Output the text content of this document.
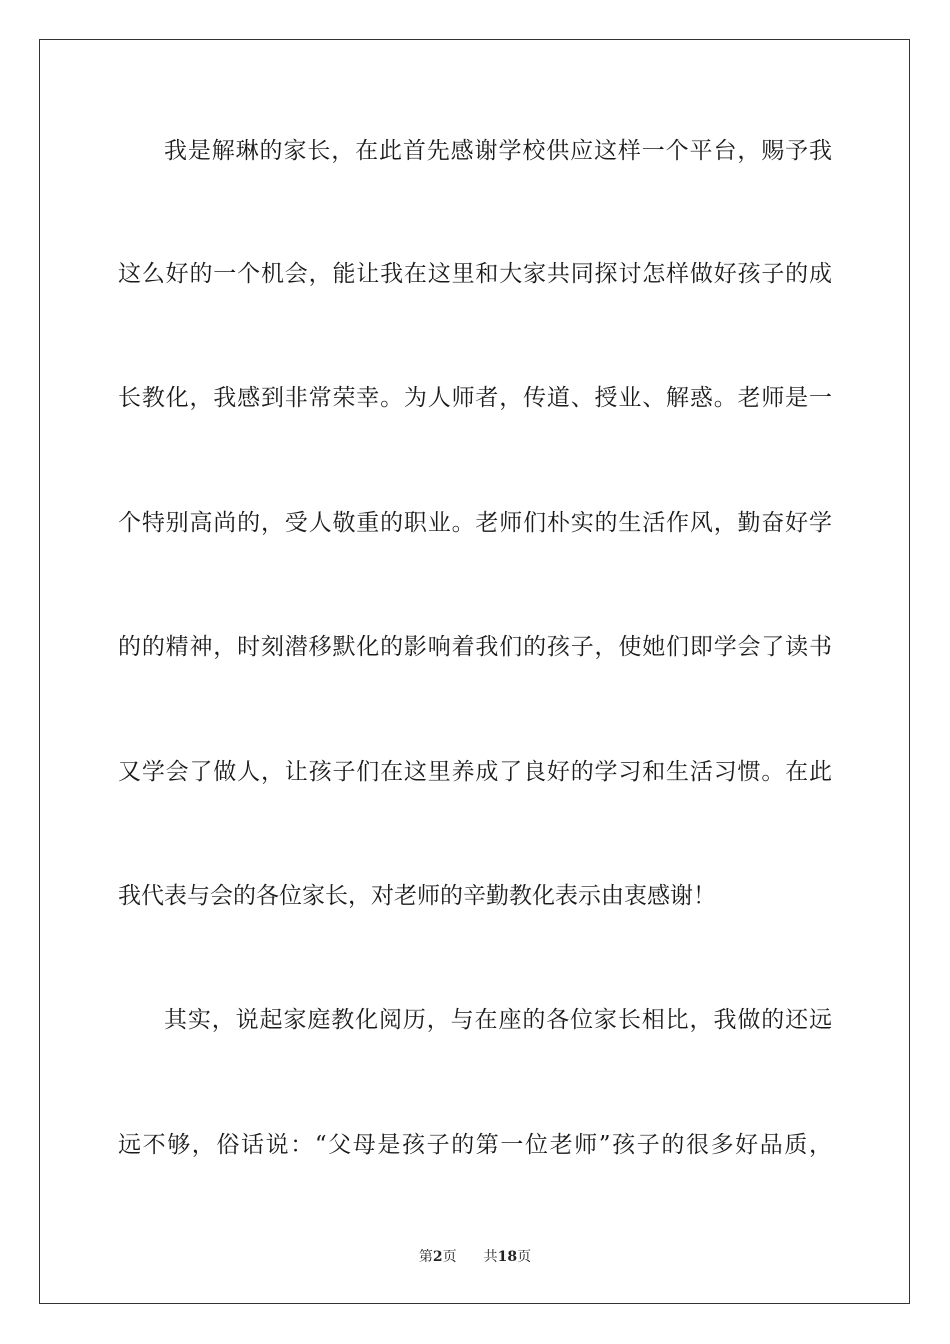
我是解琳的家长，在此首先感谢学校供应这样一个平台，赐予我
这么好的一个机会，能让我在这里和大家共同探讨怎样做好孩子的成
长教化，我感到非常荣幸。为人师者，传道、授业、解惑。老师是一
个特别高尚的，受人敬重的职业。老师们朴实的生活作风，勤奋好学
的的精神，时刻潜移默化的影响着我们的孩子，使她们即学会了读书
又学会了做人，让孩子们在这里养成了良好的学习和生活习惯。在此
我代表与会的各位家长，对老师的辛勤教化表示由衷感谢！
其实，说起家庭教化阅历，与在座的各位家长相比，我做的还远
远不够，俗话说：“父母是孩子的第一位老师”孩子的很多好品质，
第2页 共18页
